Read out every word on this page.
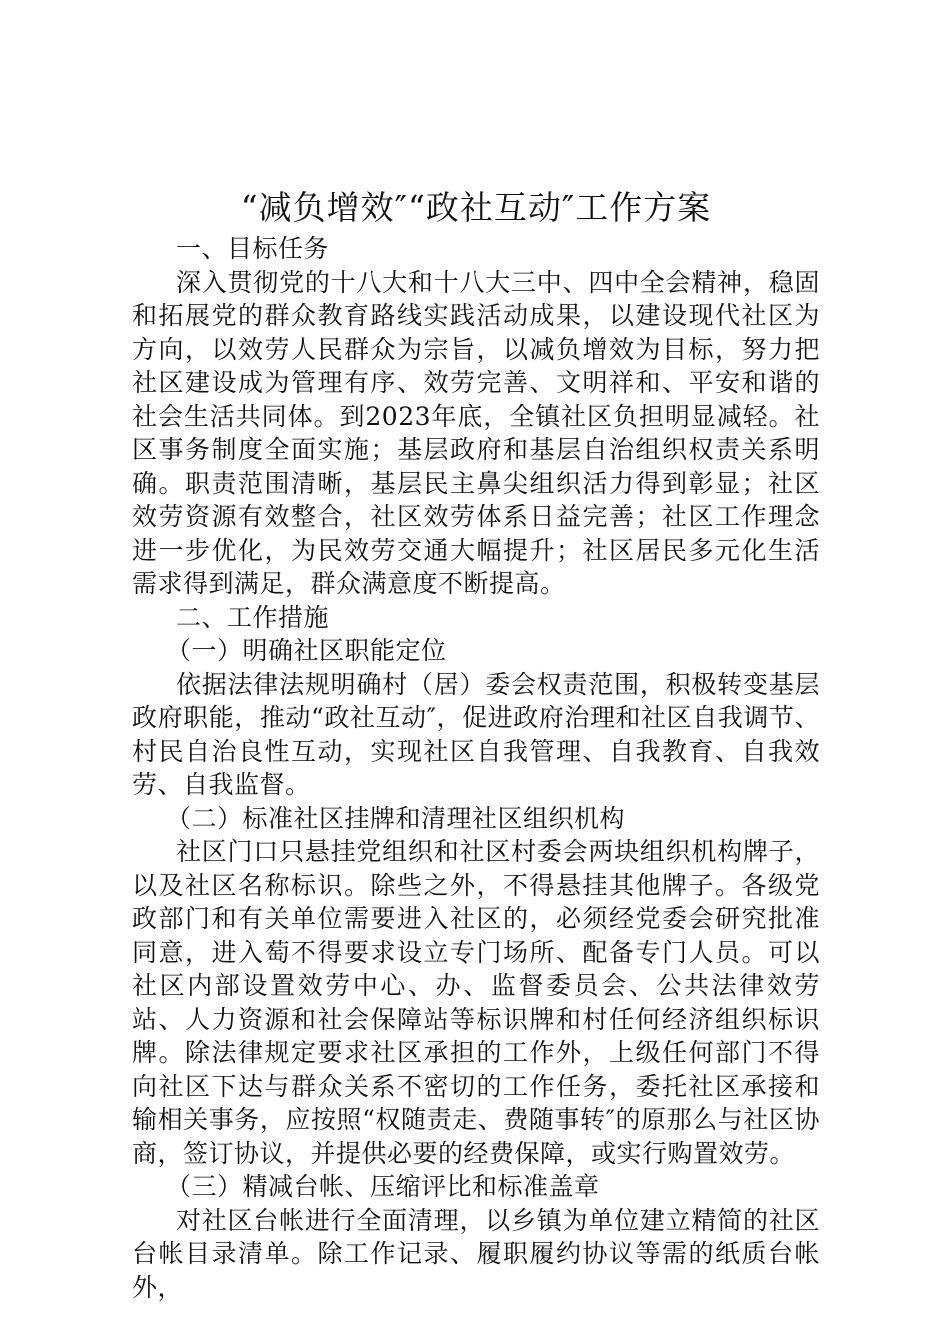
“减负增效″“政社互动″工作方案

一、目标任务

深入贯彻党的十八大和十八大三中、四中全会精神，稳固和拓展党的群众教育路线实践活动成果，以建设现代社区为方向，以效劳人民群众为宗旨，以减负增效为目标，努力把社区建设成为管理有序、效劳完善、文明祥和、平安和谐的社会生活共同体。到2023年底，全镇社区负担明显减轻。社区事务制度全面实施；基层政府和基层自治组织权责关系明确。职责范围清晰，基层民主鼻尖组织活力得到彰显；社区效劳资源有效整合，社区效劳体系日益完善；社区工作理念进一步优化，为民效劳交通大幅提升；社区居民多元化生活需求得到满足，群众满意度不断提高。

二、工作措施

（一）明确社区职能定位

依据法律法规明确村（居）委会权责范围，积极转变基层政府职能，推动“政社互动″，促进政府治理和社区自我调节、村民自治良性互动，实现社区自我管理、自我教育、自我效劳、自我监督。

（二）标准社区挂牌和清理社区组织机构

社区门口只悬挂党组织和社区村委会两块组织机构牌子，以及社区名称标识。除些之外，不得悬挂其他牌子。各级党政部门和有关单位需要进入社区的，必须经党委会研究批准同意，进入萄不得要求设立专门场所、配备专门人员。可以社区内部设置效劳中心、办、监督委员会、公共法律效劳站、人力资源和社会保障站等标识牌和村任何经济组织标识牌。除法律规定要求社区承担的工作外，上级任何部门不得向社区下达与群众关系不密切的工作任务，委托社区承接和输相关事务，应按照“权随责走、费随事转″的原那么与社区协商，签订协议，并提供必要的经费保障，或实行购置效劳。

（三）精减台帐、压缩评比和标准盖章

对社区台帐进行全面清理，以乡镇为单位建立精简的社区台帐目录清单。除工作记录、履职履约协议等需的纸质台帐外，
